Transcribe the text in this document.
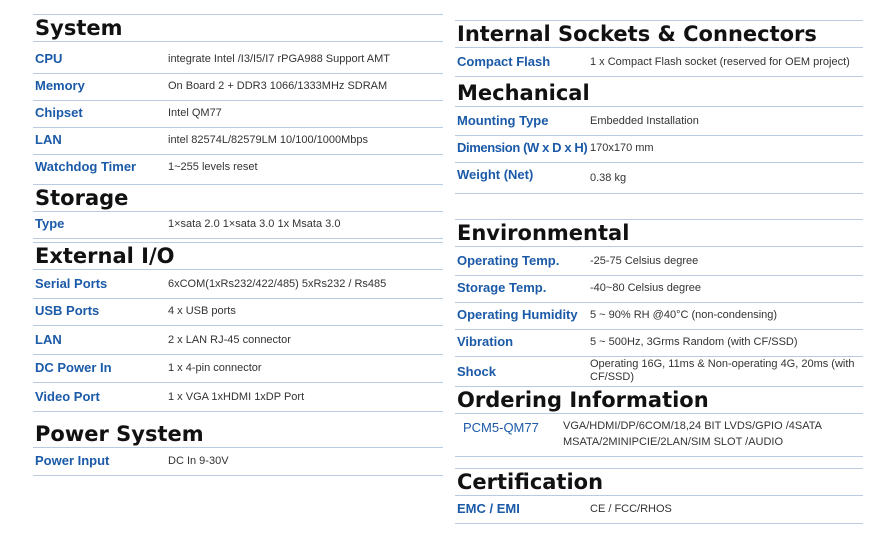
System
CPU	integrate Intel /I3/I5/I7 rPGA988 Support AMT
Memory	On Board 2 + DDR3 1066/1333MHz SDRAM
Chipset	Intel QM77
LAN	intel 82574L/82579LM 10/100/1000Mbps
Watchdog Timer	1~255 levels reset
Storage
Type	1×sata 2.0 1×sata 3.0 1x Msata 3.0
External I/O
Serial Ports	6xCOM(1xRs232/422/485) 5xRs232 / Rs485
USB Ports	4 x USB ports
LAN	2 x LAN RJ-45 connector
DC Power In	1 x 4-pin connector
Video Port	1 x VGA 1xHDMI 1xDP Port
Power System
Power Input	DC In 9-30V
Internal Sockets & Connectors
Compact Flash	1 x Compact Flash socket (reserved for OEM project)
Mechanical
Mounting Type	Embedded Installation
Dimension (W x D x H) 170x170 mm
Weight (Net)	0.38 kg
Environmental
Operating Temp.	-25-75 Celsius degree
Storage Temp.	-40~80 Celsius degree
Operating Humidity 5 ~ 90% RH @40°C (non-condensing)
Vibration	5 ~ 500Hz, 3Grms Random (with CF/SSD)
Shock	Operating 16G, 11ms & Non-operating 4G, 20ms (with CF/SSD)
Ordering Information
PCM5-QM77 VGA/HDMI/DP/6COM/18,24 BIT LVDS/GPIO /4SATA MSATA/2MINIPCIE/2LAN/SIM SLOT /AUDIO
Certification
EMC / EMI	CE / FCC/RHOS
